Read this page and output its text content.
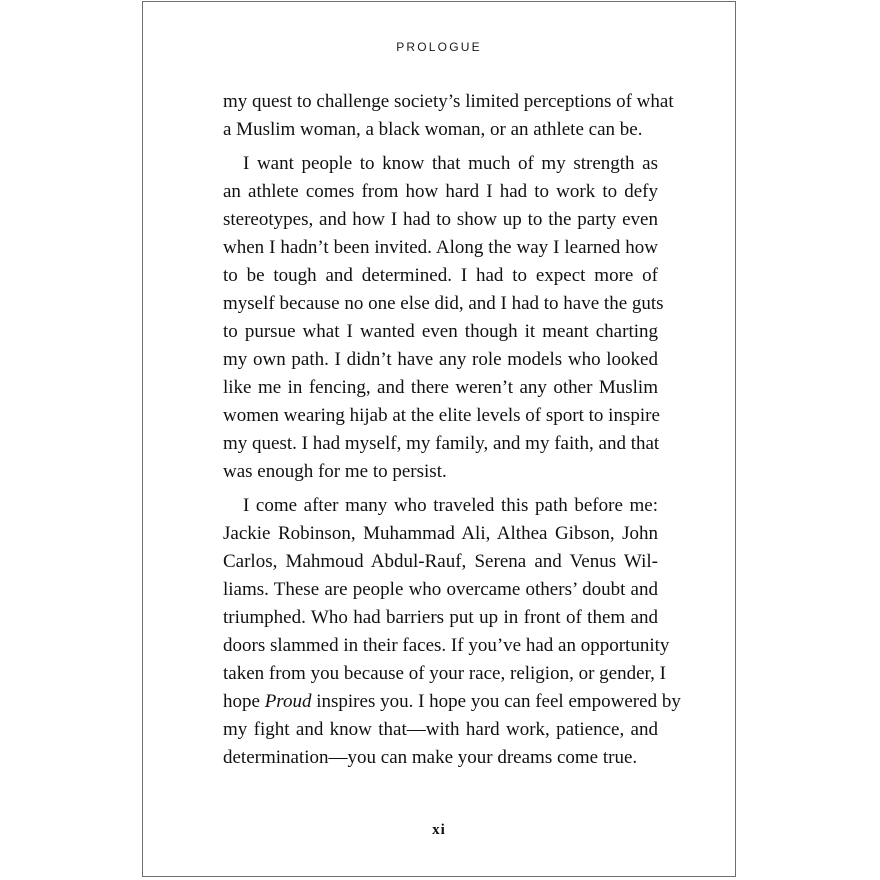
PROLOGUE

my quest to challenge society’s limited perceptions of what
a Muslim woman, a black woman, or an athlete can be.

I want people to know that much of my strength as
an athlete comes from how hard I had to work to defy
stereotypes, and how I had to show up to the party even
when I hadn’t been invited. Along the way I learned how
to be tough and determined. I had to expect more of
myself because no one else did, and I had to have the guts
to pursue what I wanted even though it meant charting
my own path. I didn’t have any role models who looked
like me in fencing, and there weren’t any other Muslim
women wearing hijab at the elite levels of sport to inspire
my quest. I had myself, my family, and my faith, and that
was enough for me to persist.

I come after many who traveled this path before me:
Jackie Robinson, Muhammad Ali, Althea Gibson, John
Carlos, Mahmoud Abdul-Rauf, Serena and Venus Wil-
liams. These are people who overcame others’ doubt and
triumphed. Who had barriers put up in front of them and
doors slammed in their faces. If you’ve had an opportunity
taken from you because of your race, religion, or gender, I
hope Proud inspires you. I hope you can feel empowered by
my fight and know that—with hard work, patience, and
determination—you can make your dreams come true.

xi
